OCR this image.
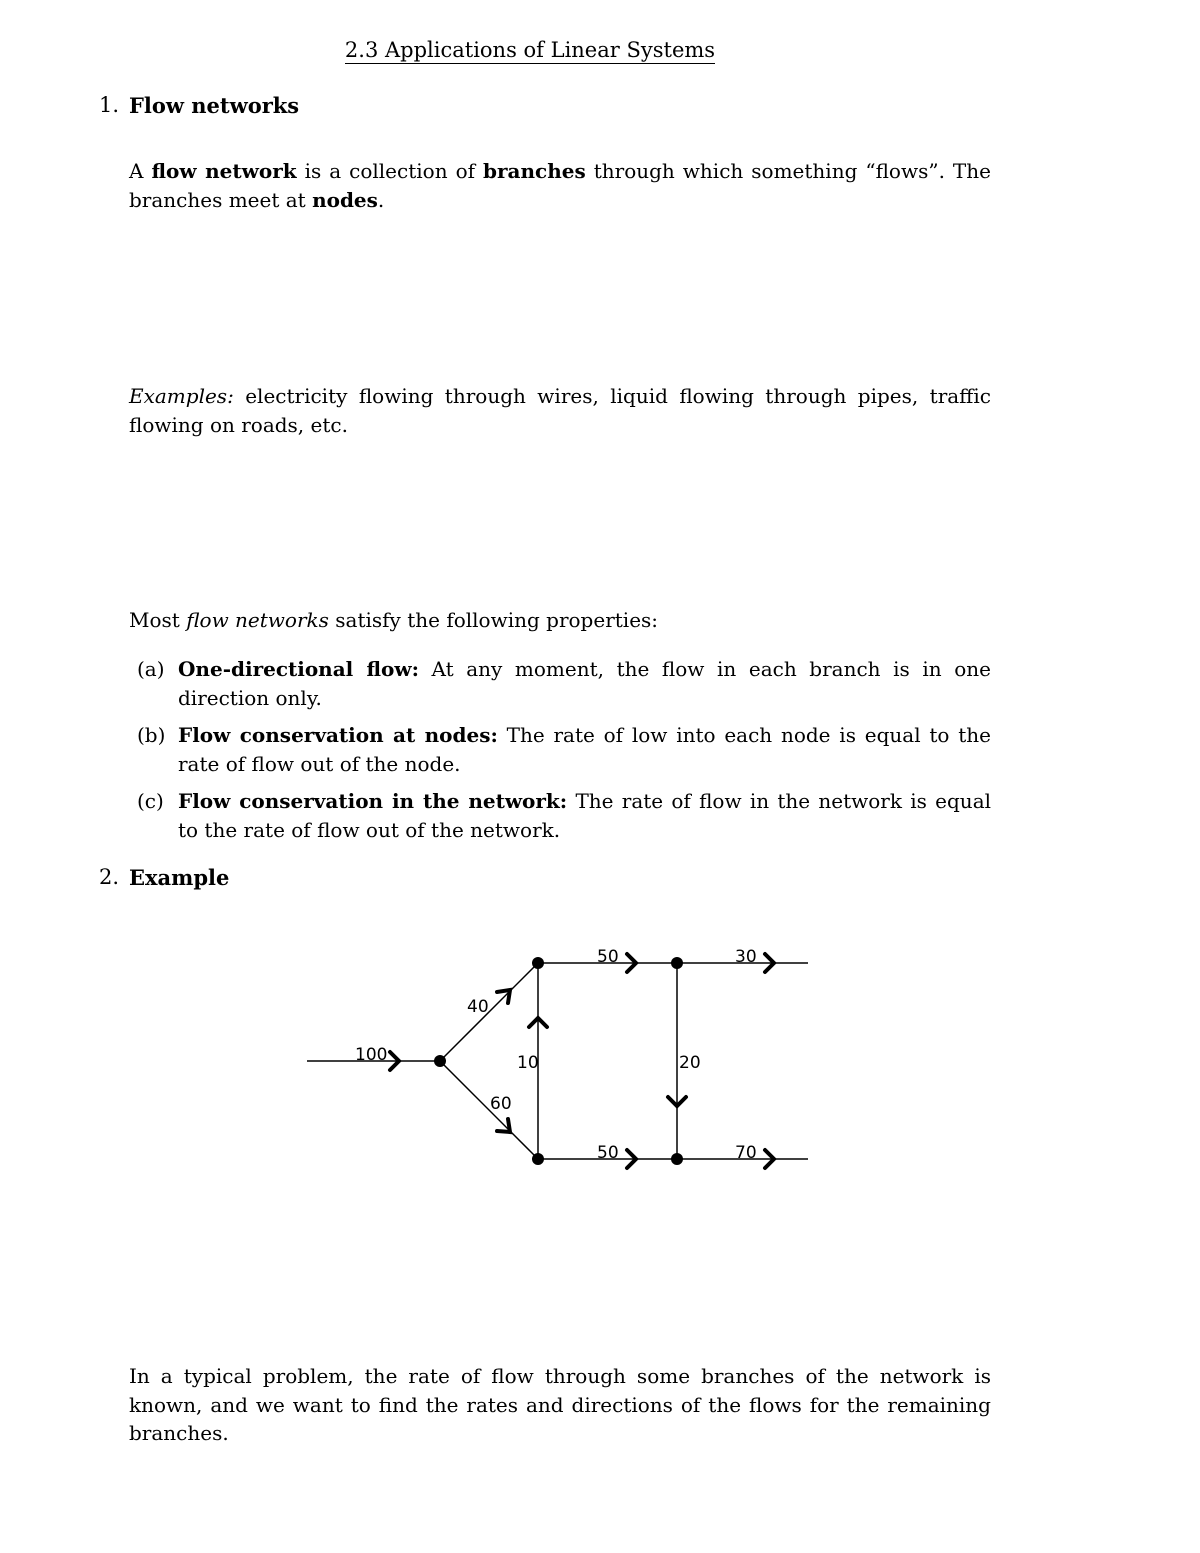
2.3 Applications of Linear Systems
1. Flow networks
A flow network is a collection of branches through which something “flows”. The branches meet at nodes.
Examples: electricity flowing through wires, liquid flowing through pipes, traffic flowing on roads, etc.
Most flow networks satisfy the following properties:
(a) One-directional flow: At any moment, the flow in each branch is in one direction only.
(b) Flow conservation at nodes: The rate of low into each node is equal to the rate of flow out of the node.
(c) Flow conservation in the network: The rate of flow in the network is equal to the rate of flow out of the network.
2. Example
100
40
60
10	20
50
50
30
70
In a typical problem, the rate of flow through some branches of the network is known, and we want to find the rates and directions of the flows for the remaining branches.
